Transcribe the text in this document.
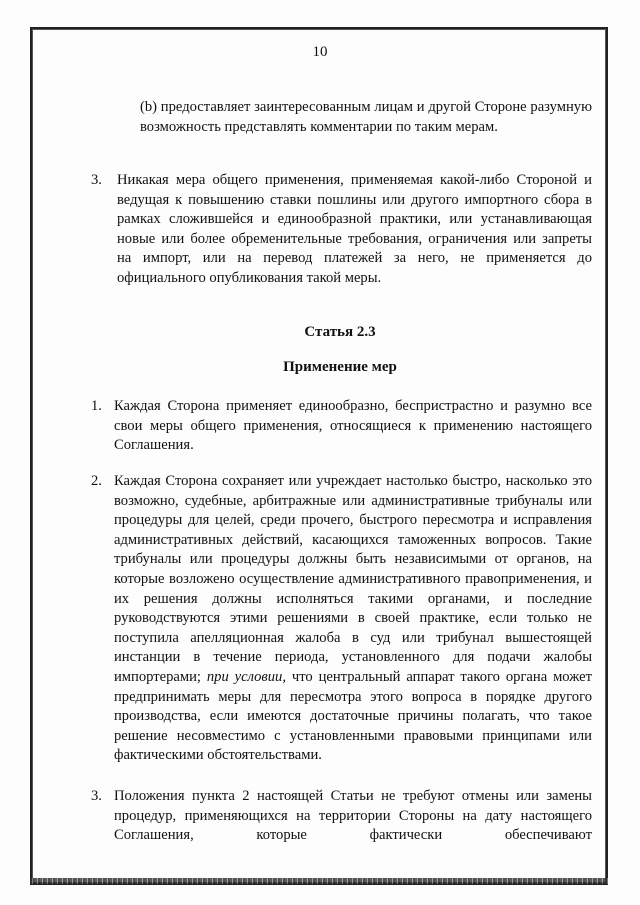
10
(b) предоставляет заинтересованным лицам и другой Стороне разумную возможность представлять комментарии по таким мерам.
3. Никакая мера общего применения, применяемая какой-либо Стороной и ведущая к повышению ставки пошлины или другого импортного сбора в рамках сложившейся и единообразной практики, или устанавливающая новые или более обременительные требования, ограничения или запреты на импорт, или на перевод платежей за него, не применяется до официального опубликования такой меры.
Статья 2.3
Применение мер
1. Каждая Сторона применяет единообразно, беспристрастно и разумно все свои меры общего применения, относящиеся к применению настоящего Соглашения.
2. Каждая Сторона сохраняет или учреждает настолько быстро, насколько это возможно, судебные, арбитражные или административные трибуналы или процедуры для целей, среди прочего, быстрого пересмотра и исправления административных действий, касающихся таможенных вопросов. Такие трибуналы или процедуры должны быть независимыми от органов, на которые возложено осуществление административного правоприменения, и их решения должны исполняться такими органами, и последние руководствуются этими решениями в своей практике, если только не поступила апелляционная жалоба в суд или трибунал вышестоящей инстанции в течение периода, установленного для подачи жалобы импортерами; при условии, что центральный аппарат такого органа может предпринимать меры для пересмотра этого вопроса в порядке другого производства, если имеются достаточные причины полагать, что такое решение несовместимо с установленными правовыми принципами или фактическими обстоятельствами.
3. Положения пункта 2 настоящей Статьи не требуют отмены или замены процедур, применяющихся на территории Стороны на дату настоящего Соглашения, которые фактически обеспечивают
